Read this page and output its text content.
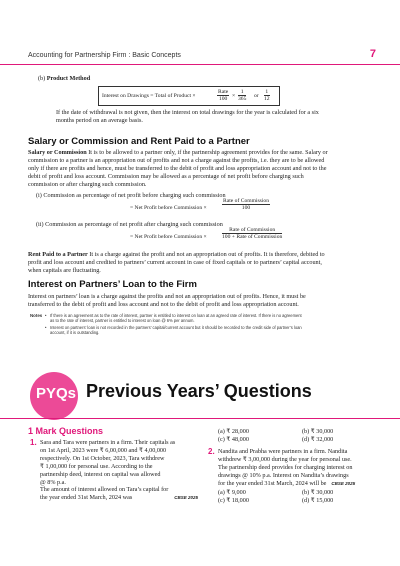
Accounting for Partnership Firm : Basic Concepts	7
(b) Product Method
Interest on Drawings = Total of Product ×
Rate
$100 \times \frac{1}{365}$ or $\frac{1}{12}$
If the date of withdrawal is not given, then the interest on total drawings for the year is calculated for a six
months period on an average basis.
Salary or Commission and Rent Paid to a Partner
Salary or Commission It is to be allowed to a partner only, if the partnership agreement provides for the same. Salary or
commission to a partner is an appropriation out of profits and not a charge against the profits, i.e. they are to be allowed
only if there are profits and hence, must be transferred to the debit of profit and loss appropriation account and not to the
debit of profit and loss account. Commission may be allowed as a percentage of net profit before charging such
commission or after charging such commission.
(i) Commission as percentage of net profit before charging such commission
= Net Profit before Commission ×
Rate of Commission
100
(ii) Commission as percentage of net profit after charging such commission
= Net Profit before Commission ×
Rate of Commission
100 + Rate of Commission
Rent Paid to a Partner It is a charge against the profit and not an appropriation out of profits. It is therefore, debited to
profit and loss account and credited to partners’ current account in case of fixed capitals or to partners’ capital account,
when capitals are fluctuating.
Interest on Partners’ Loan to the Firm
Interest on partners’ loan is a charge against the profits and not an appropriation out of profits. Hence, it must be
transferred to the debit of profit and loss account and not to the debit of profit and loss appropriation account.
Notes
• If there is an agreement as to the rate of interest, partner is entitled to interest on loan at an agreed rate of interest. If there is no agreement
as to the rate of interest, partner is entitled to interest on loan @ 6% per annum.
• Interest on partners’ loan is not recorded in the partners’ capital/current account but it should be recorded to the credit side of partner’s loan
account, if it is outstanding.
PYQs Previous Years’ Questions
1 Mark Questions
1. Sara and Tara were partners in a firm. Their capitals as
on 1st April, 2023 were ₹ 6,00,000 and ₹ 4,00,000
respectively. On 1st October, 2023, Tara withdrew
₹ 1,00,000 for personal use. According to the
partnership deed, interest on capital was allowed
@ 8% p.a.
The amount of interest allowed on Tara’s capital for
the year ended 31st March, 2024 was	CBSE 2025
(a) ₹ 28,000	(b) ₹ 30,000
(c) ₹ 48,000	(d) ₹ 32,000
2. Nandita and Prabha were partners in a firm. Nandita
withdrew ₹ 3,00,000 during the year for personal use.
The partnership deed provides for charging interest on
drawings @ 10% p.a. Interest on Nandita’s drawings
for the year ended 31st March, 2024 will be CBSE 2025
(a) ₹ 9,000	(b) ₹ 30,000
(c) ₹ 18,000	(d) ₹ 15,000
